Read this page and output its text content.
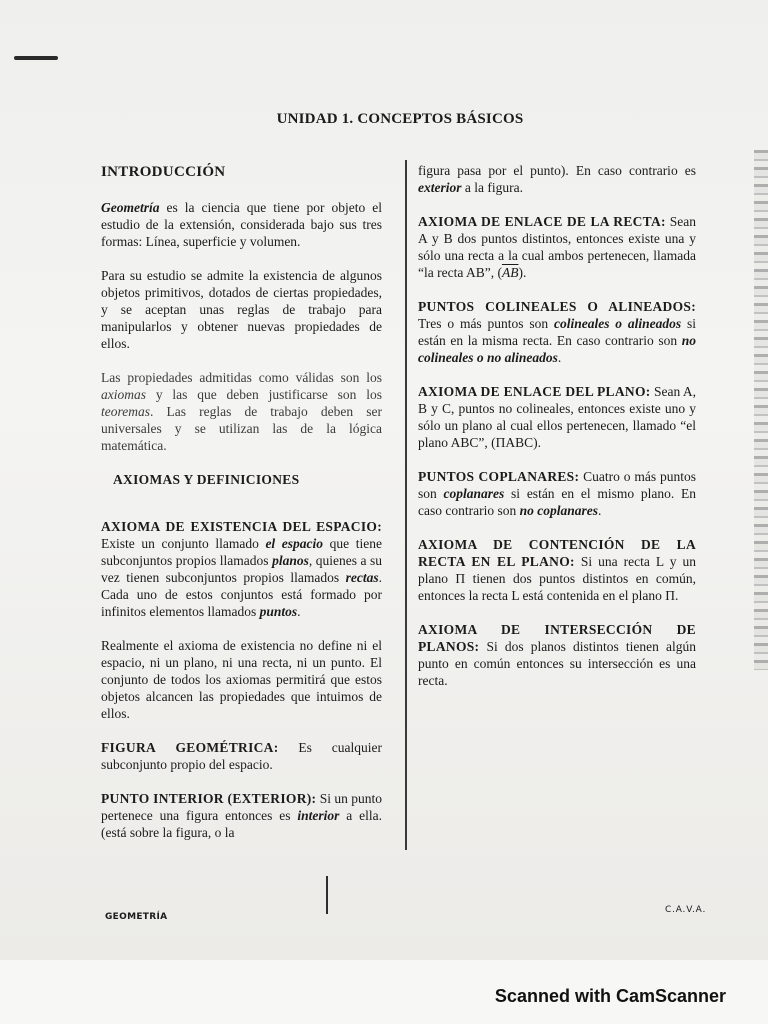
UNIDAD 1. CONCEPTOS BÁSICOS
INTRODUCCIÓN

Geometría es la ciencia que tiene por objeto el estudio de la extensión, considerada bajo sus tres formas: Línea, superficie y volumen.

Para su estudio se admite la existencia de algunos objetos primitivos, dotados de ciertas propiedades, y se aceptan unas reglas de trabajo para manipularlos y obtener nuevas propiedades de ellos.

Las propiedades admitidas como válidas son los axiomas y las que deben justificarse son los teoremas. Las reglas de trabajo deben ser universales y se utilizan las de la lógica matemática.

AXIOMAS Y DEFINICIONES

AXIOMA DE EXISTENCIA DEL ESPACIO: Existe un conjunto llamado el espacio que tiene subconjuntos propios llamados planos, quienes a su vez tienen subconjuntos propios llamados rectas. Cada uno de estos conjuntos está formado por infinitos elementos llamados puntos.

Realmente el axioma de existencia no define ni el espacio, ni un plano, ni una recta, ni un punto. El conjunto de todos los axiomas permitirá que estos objetos alcancen las propiedades que intuimos de ellos.

FIGURA GEOMÉTRICA: Es cualquier subconjunto propio del espacio.

PUNTO INTERIOR (EXTERIOR): Si un punto pertenece una figura entonces es interior a ella. (está sobre la figura, o la

figura pasa por el punto). En caso contrario es exterior a la figura.

AXIOMA DE ENLACE DE LA RECTA: Sean A y B dos puntos distintos, entonces existe una y sólo una recta a la cual ambos pertenecen, llamada “la recta AB”, $(\overline{AB})$.

PUNTOS COLINEALES O ALINEADOS: Tres o más puntos son colineales o alineados si están en la misma recta. En caso contrario son no colineales o no alineados.

AXIOMA DE ENLACE DEL PLANO: Sean A, B y C, puntos no colineales, entonces existe uno y sólo un plano al cual ellos pertenecen, llamado “el plano ABC”, (ΠABC).

PUNTOS COPLANARES: Cuatro o más puntos son coplanares si están en el mismo plano. En caso contrario son no coplanares.

AXIOMA DE CONTENCIÓN DE LA RECTA EN EL PLANO: Si una recta L y un plano Π tienen dos puntos distintos en común, entonces la recta L está contenida en el plano Π.

AXIOMA DE INTERSECCIÓN DE PLANOS: Si dos planos distintos tienen algún punto en común entonces su intersección es una recta.

GEOMETRÍA
C.A.V.A.
Scanned with CamScanner
